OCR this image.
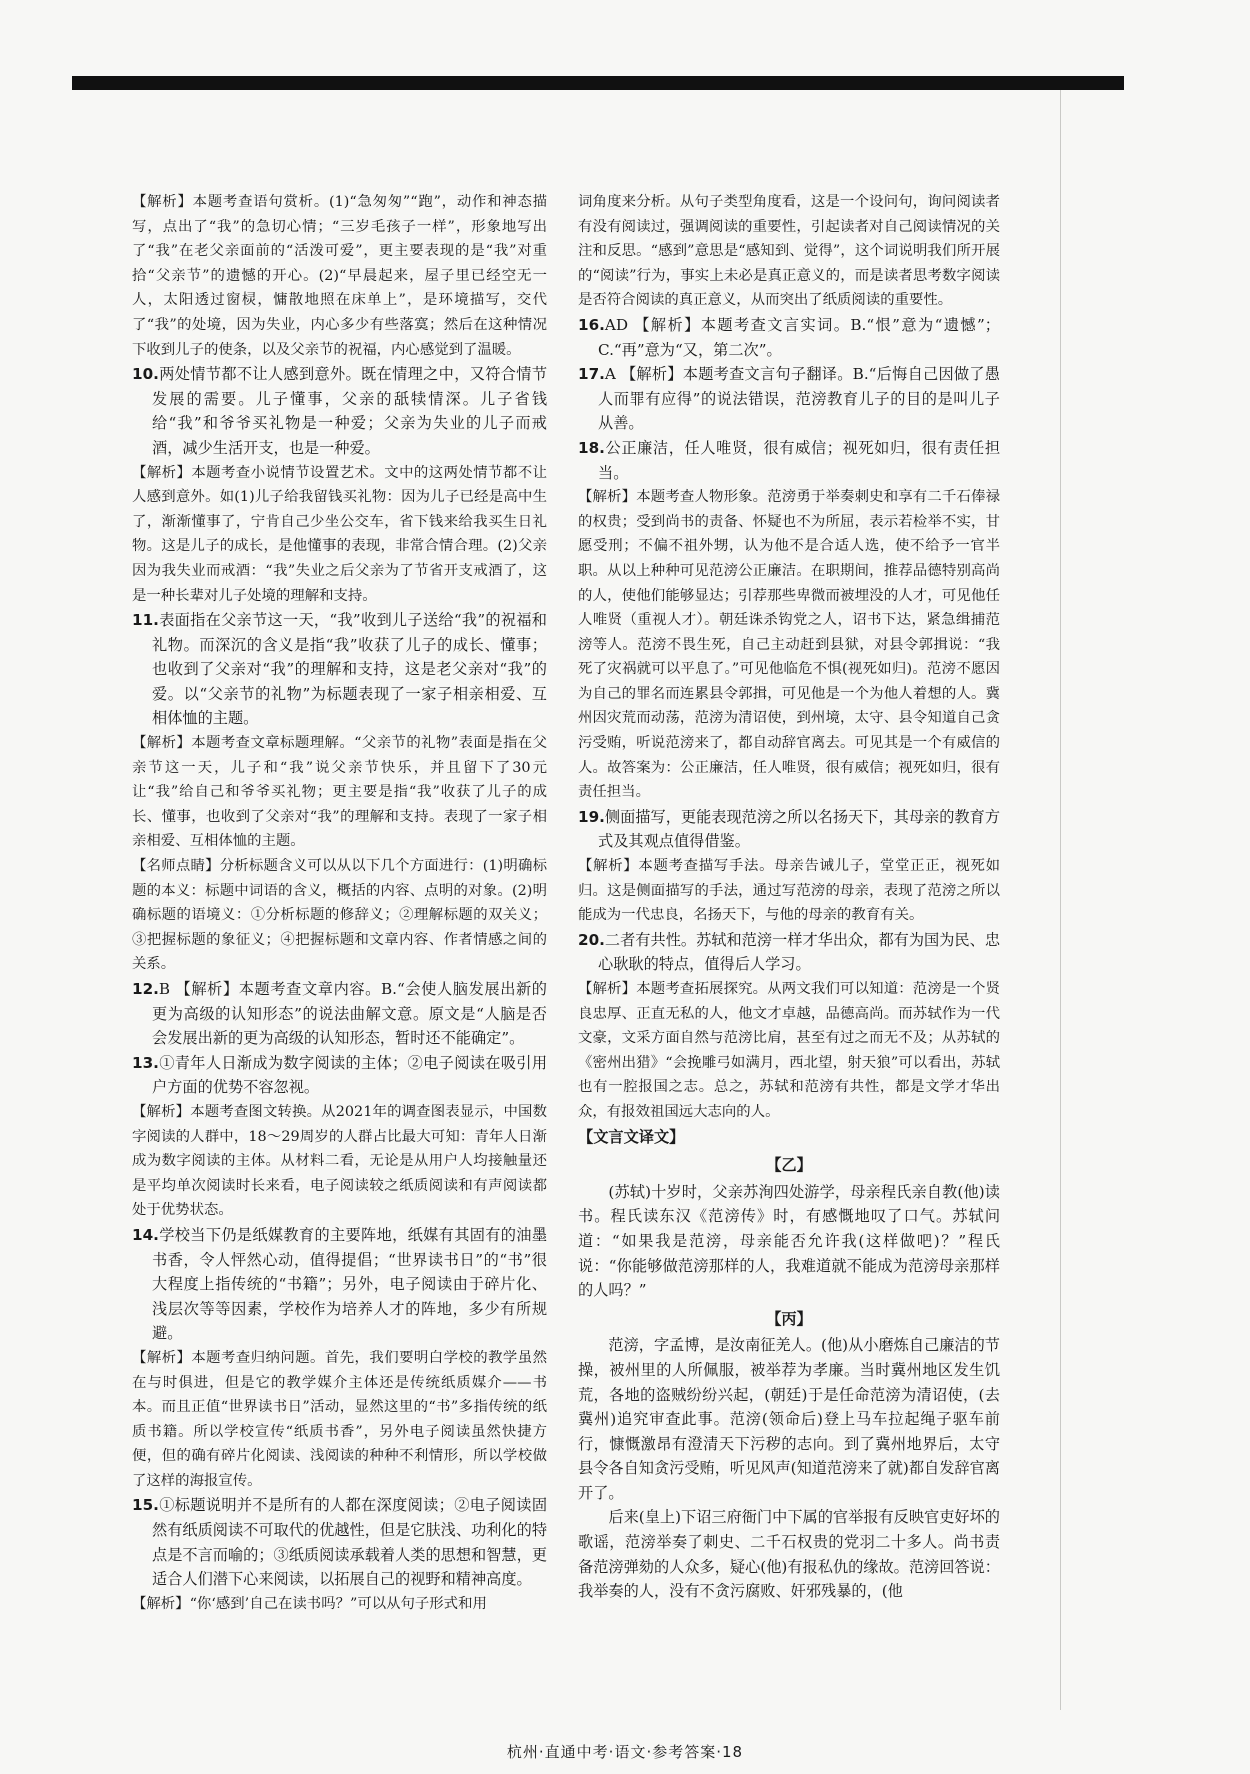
【解析】本题考查语句赏析。(1)“急匆匆”“跑”，动作和神态描写，点出了“我”的急切心情；“三岁毛孩子一样”，形象地写出了“我”在老父亲面前的“活泼可爱”，更主要表现的是“我”对重拾“父亲节”的遗憾的开心。(2)“早晨起来，屋子里已经空无一人，太阳透过窗棂，慵散地照在床单上”，是环境描写，交代了“我”的处境，因为失业，内心多少有些落寞；然后在这种情况下收到儿子的使条，以及父亲节的祝福，内心感觉到了温暖。

10.两处情节都不让人感到意外。既在情理之中，又符合情节发展的需要。儿子懂事，父亲的舐犊情深。儿子省钱给“我”和爷爷买礼物是一种爱；父亲为失业的儿子而戒酒，减少生活开支，也是一种爱。

【解析】本题考查小说情节设置艺术。文中的这两处情节都不让人感到意外。如(1)儿子给我留钱买礼物：因为儿子已经是高中生了，渐渐懂事了，宁肯自己少坐公交车，省下钱来给我买生日礼物。这是儿子的成长，是他懂事的表现，非常合情合理。(2)父亲因为我失业而戒酒：“我”失业之后父亲为了节省开支戒酒了，这是一种长辈对儿子处境的理解和支持。

11.表面指在父亲节这一天，“我”收到儿子送给“我”的祝福和礼物。而深沉的含义是指“我”收获了儿子的成长、懂事；也收到了父亲对“我”的理解和支持，这是老父亲对“我”的爱。以“父亲节的礼物”为标题表现了一家子相亲相爱、互相体恤的主题。

【解析】本题考查文章标题理解。“父亲节的礼物”表面是指在父亲节这一天，儿子和“我”说父亲节快乐，并且留下了30元让“我”给自己和爷爷买礼物；更主要是指“我”收获了儿子的成长、懂事，也收到了父亲对“我”的理解和支持。表现了一家子相亲相爱、互相体恤的主题。

【名师点睛】分析标题含义可以从以下几个方面进行：(1)明确标题的本义：标题中词语的含义，概括的内容、点明的对象。(2)明确标题的语境义：①分析标题的修辞义；②理解标题的双关义；③把握标题的象征义；④把握标题和文章内容、作者情感之间的关系。

12.B 【解析】本题考查文章内容。B.“会使人脑发展出新的更为高级的认知形态”的说法曲解文意。原文是“人脑是否会发展出新的更为高级的认知形态，暂时还不能确定”。

13.①青年人日渐成为数字阅读的主体；②电子阅读在吸引用户方面的优势不容忽视。

【解析】本题考查图文转换。从2021年的调查图表显示，中国数字阅读的人群中，18～29周岁的人群占比最大可知：青年人日渐成为数字阅读的主体。从材料二看，无论是从用户人均接触量还是平均单次阅读时长来看，电子阅读较之纸质阅读和有声阅读都处于优势状态。

14.学校当下仍是纸媒教育的主要阵地，纸媒有其固有的油墨书香，令人怦然心动，值得提倡；“世界读书日”的“书”很大程度上指传统的“书籍”；另外，电子阅读由于碎片化、浅层次等等因素，学校作为培养人才的阵地，多少有所规避。

【解析】本题考查归纳问题。首先，我们要明白学校的教学虽然在与时俱进，但是它的教学媒介主体还是传统纸质媒介——书本。而且正值“世界读书日”活动，显然这里的“书”多指传统的纸质书籍。所以学校宣传“纸质书香”，另外电子阅读虽然快捷方便，但的确有碎片化阅读、浅阅读的种种不利情形，所以学校做了这样的海报宣传。

15.①标题说明并不是所有的人都在深度阅读；②电子阅读固然有纸质阅读不可取代的优越性，但是它肤浅、功利化的特点是不言而喻的；③纸质阅读承载着人类的思想和智慧，更适合人们潜下心来阅读，以拓展自己的视野和精神高度。

【解析】“你‘感到’自己在读书吗？”可以从句子形式和用

词角度来分析。从句子类型角度看，这是一个设问句，询问阅读者有没有阅读过，强调阅读的重要性，引起读者对自己阅读情况的关注和反思。“感到”意思是“感知到、觉得”，这个词说明我们所开展的“阅读”行为，事实上未必是真正意义的，而是读者思考数字阅读是否符合阅读的真正意义，从而突出了纸质阅读的重要性。

16.AD 【解析】本题考查文言实词。B.“恨”意为“遗憾”；C.“再”意为“又，第二次”。

17.A 【解析】本题考查文言句子翻译。B.“后悔自己因做了愚人而罪有应得”的说法错误，范滂教育儿子的目的是叫儿子从善。

18.公正廉洁，任人唯贤，很有威信；视死如归，很有责任担当。

【解析】本题考查人物形象。范滂勇于举奏刺史和享有二千石俸禄的权贵；受到尚书的责备、怀疑也不为所屈，表示若检举不实，甘愿受刑；不偏不祖外甥，认为他不是合适人选，使不给予一官半职。从以上种种可见范滂公正廉洁。在职期间，推荐品德特别高尚的人，使他们能够显达；引荐那些卑微而被埋没的人才，可见他任人唯贤（重视人才）。朝廷诛杀钩党之人，诏书下达，紧急缉捕范滂等人。范滂不畏生死，自己主动赶到县狱，对县令郭揖说：“我死了灾祸就可以平息了。”可见他临危不惧(视死如归)。范滂不愿因为自己的罪名而连累县令郭揖，可见他是一个为他人着想的人。冀州因灾荒而动荡，范滂为清诏使，到州境，太守、县令知道自己贪污受贿，听说范滂来了，都自动辞官离去。可见其是一个有威信的人。故答案为：公正廉洁，任人唯贤，很有威信；视死如归，很有责任担当。

19.侧面描写，更能表现范滂之所以名扬天下，其母亲的教育方式及其观点值得借鉴。

【解析】本题考查描写手法。母亲告诫儿子，堂堂正正，视死如归。这是侧面描写的手法，通过写范滂的母亲，表现了范滂之所以能成为一代忠良，名扬天下，与他的母亲的教育有关。

20.二者有共性。苏轼和范滂一样才华出众，都有为国为民、忠心耿耿的特点，值得后人学习。

【解析】本题考查拓展探究。从两文我们可以知道：范滂是一个贤良忠厚、正直无私的人，他文才卓越，品德高尚。而苏轼作为一代文豪，文采方面自然与范滂比肩，甚至有过之而无不及；从苏轼的《密州出猎》“会挽雕弓如满月，西北望，射天狼”可以看出，苏轼也有一腔报国之志。总之，苏轼和范滂有共性，都是文学才华出众，有报效祖国远大志向的人。

【文言文译文】

【乙】

(苏轼)十岁时，父亲苏洵四处游学，母亲程氏亲自教(他)读书。程氏读东汉《范滂传》时，有感慨地叹了口气。苏轼问道：“如果我是范滂，母亲能否允许我(这样做吧)？”程氏说：“你能够做范滂那样的人，我难道就不能成为范滂母亲那样的人吗？”

【丙】

范滂，字孟博，是汝南征羌人。(他)从小磨炼自己廉洁的节操，被州里的人所佩服，被举荐为孝廉。当时冀州地区发生饥荒，各地的盗贼纷纷兴起，(朝廷)于是任命范滂为清诏使，(去冀州)追究审查此事。范滂(领命后)登上马车拉起绳子驱车前行，慷慨激昂有澄清天下污秽的志向。到了冀州地界后，太守县令各自知贪污受贿，听见风声(知道范滂来了就)都自发辞官离开了。

后来(皇上)下诏三府衙门中下属的官举报有反映官吏好坏的歌谣，范滂举奏了刺史、二千石权贵的党羽二十多人。尚书责备范滂弹劾的人众多，疑心(他)有报私仇的缘故。范滂回答说：我举奏的人，没有不贪污腐败、奸邪残暴的，(他

杭州·直通中考·语文·参考答案·18
